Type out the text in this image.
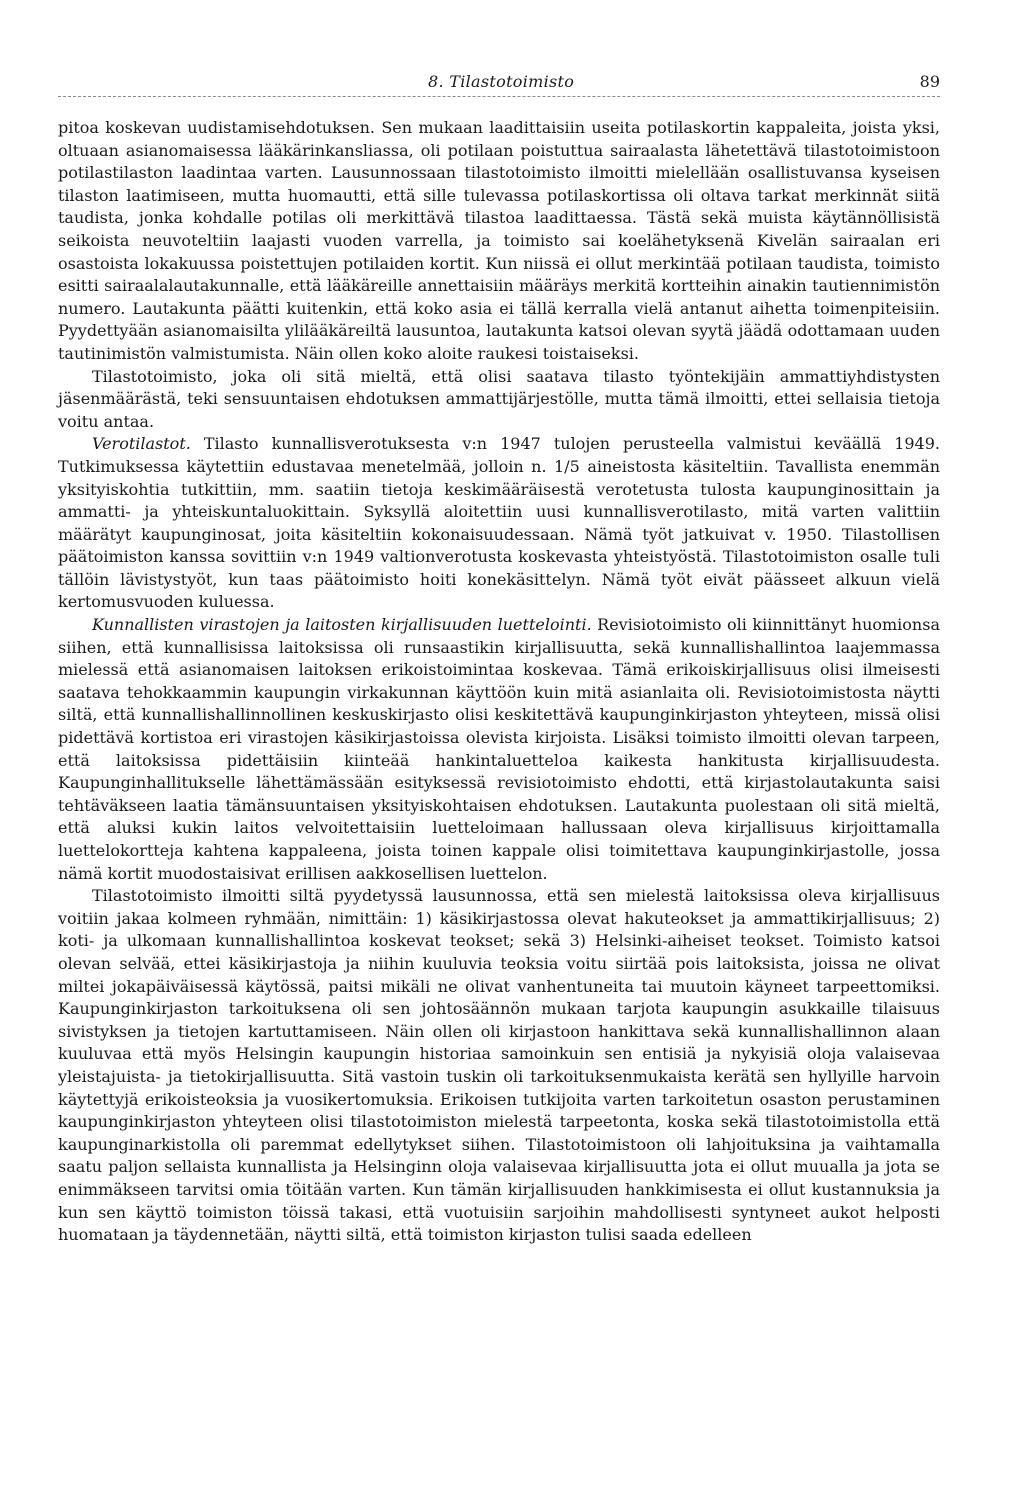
8. Tilastotoimisto	89

pitoa koskevan uudistamisehdotuksen. Sen mukaan laadittaisiin useita potilaskortin kappaleita, joista yksi, oltuaan asianomaisessa lääkärinkansliassa, oli potilaan poistuttua sairaalasta lähetettävä tilastotoimistoon potilastilaston laadintaa varten. Lausunnossaan tilastotoimisto ilmoitti mielellään osallistuvansa kyseisen tilaston laatimiseen, mutta huomautti, että sille tulevassa potilaskortissa oli oltava tarkat merkinnät siitä taudista, jonka kohdalle potilas oli merkittävä tilastoa laadittaessa. Tästä sekä muista käytännöllisistä seikoista neuvoteltiin laajasti vuoden varrella, ja toimisto sai koelähetyksenä Kivelän sairaalan eri osastoista lokakuussa poistettujen potilaiden kortit. Kun niissä ei ollut merkintää potilaan taudista, toimisto esitti sairaalalautakunnalle, että lääkäreille annettaisiin määräys merkitä kortteihin ainakin tautiennimistön numero. Lautakunta päätti kuitenkin, että koko asia ei tällä kerralla vielä antanut aihetta toimenpiteisiin. Pyydettyään asianomaisilta ylilääkäreiltä lausuntoa, lautakunta katsoi olevan syytä jäädä odottamaan uuden tautinimistön valmistumista. Näin ollen koko aloite raukesi toistaiseksi.

Tilastotoimisto, joka oli sitä mieltä, että olisi saatava tilasto työntekijäin ammattiyhdistysten jäsenmäärästä, teki sensuuntaisen ehdotuksen ammattijärjestölle, mutta tämä ilmoitti, ettei sellaisia tietoja voitu antaa.

Verotilastot. Tilasto kunnallisverotuksesta v:n 1947 tulojen perusteella valmistui keväällä 1949. Tutkimuksessa käytettiin edustavaa menetelmää, jolloin n. 1/5 aineistosta käsiteltiin. Tavallista enemmän yksityiskohtia tutkittiin, mm. saatiin tietoja keskimääräisestä verotetusta tulosta kaupunginosittain ja ammatti- ja yhteiskuntaluokittain. Syksyllä aloitettiin uusi kunnallisverotilasto, mitä varten valittiin määrätyt kaupunginosat, joita käsiteltiin kokonaisuudessaan. Nämä työt jatkuivat v. 1950. Tilastollisen päätoimiston kanssa sovittiin v:n 1949 valtionverotusta koskevasta yhteistyöstä. Tilastotoimiston osalle tuli tällöin lävistystyöt, kun taas päätoimisto hoiti konekäsittelyn. Nämä työt eivät päässeet alkuun vielä kertomusvuoden kuluessa.

Kunnallisten virastojen ja laitosten kirjallisuuden luettelointi. Revisiotoimisto oli kiinnittänyt huomionsa siihen, että kunnallisissa laitoksissa oli runsaastikin kirjallisuutta, sekä kunnallishallintoa laajemmassa mielessä että asianomaisen laitoksen erikoistoimintaa koskevaa. Tämä erikoiskirjallisuus olisi ilmeisesti saatava tehokkaammin kaupungin virkakunnan käyttöön kuin mitä asianlaita oli. Revisiotoimistosta näytti siltä, että kunnallishallinnollinen keskuskirjasto olisi keskitettävä kaupunginkirjaston yhteyteen, missä olisi pidettävä kortistoa eri virastojen käsikirjastoissa olevista kirjoista. Lisäksi toimisto ilmoitti olevan tarpeen, että laitoksissa pidettäisiin kiinteää hankintaluetteloa kaikesta hankitusta kirjallisuudesta. Kaupunginhallitukselle lähettämässään esityksessä revisiotoimisto ehdotti, että kirjastolautakunta saisi tehtäväkseen laatia tämänsuuntaisen yksityiskohtaisen ehdotuksen. Lautakunta puolestaan oli sitä mieltä, että aluksi kukin laitos velvoitettaisiin luetteloimaan hallussaan oleva kirjallisuus kirjoittamalla luettelokortteja kahtena kappaleena, joista toinen kappale olisi toimitettava kaupunginkirjastolle, jossa nämä kortit muodostaisivat erillisen aakkosellisen luettelon.

Tilastotoimisto ilmoitti siltä pyydetyssä lausunnossa, että sen mielestä laitoksissa oleva kirjallisuus voitiin jakaa kolmeen ryhmään, nimittäin: 1) käsikirjastossa olevat hakuteokset ja ammattikirjallisuus; 2) koti- ja ulkomaan kunnallishallintoa koskevat teokset; sekä 3) Helsinki-aiheiset teokset. Toimisto katsoi olevan selvää, ettei käsikirjastoja ja niihin kuuluvia teoksia voitu siirtää pois laitoksista, joissa ne olivat miltei jokapäiväisessä käytössä, paitsi mikäli ne olivat vanhentuneita tai muutoin käyneet tarpeettomiksi. Kaupunginkirjaston tarkoituksena oli sen johtosäännön mukaan tarjota kaupungin asukkaille tilaisuus sivistyksen ja tietojen kartuttamiseen. Näin ollen oli kirjastoon hankittava sekä kunnallishallinnon alaan kuuluvaa että myös Helsingin kaupungin historiaa samoinkuin sen entisiä ja nykyisiä oloja valaisevaa yleistajuista- ja tietokirjallisuutta. Sitä vastoin tuskin oli tarkoituksenmukaista kerätä sen hyllyille harvoin käytettyjä erikoisteoksia ja vuosikertomuksia. Erikoisen tutkijoita varten tarkoitetun osaston perustaminen kaupunginkirjaston yhteyteen olisi tilastotoimiston mielestä tarpeetonta, koska sekä tilastotoimistolla että kaupunginarkistolla oli paremmat edellytykset siihen. Tilastotoimistoon oli lahjoituksina ja vaihtamalla saatu paljon sellaista kunnallista ja Helsinginn oloja valaisevaa kirjallisuutta jota ei ollut muualla ja jota se enimmäkseen tarvitsi omia töitään varten. Kun tämän kirjallisuuden hankkimisesta ei ollut kustannuksia ja kun sen käyttö toimiston töissä takasi, että vuotuisiin sarjoihin mahdollisesti syntyneet aukot helposti huomataan ja täydennetään, näytti siltä, että toimiston kirjaston tulisi saada edelleen
